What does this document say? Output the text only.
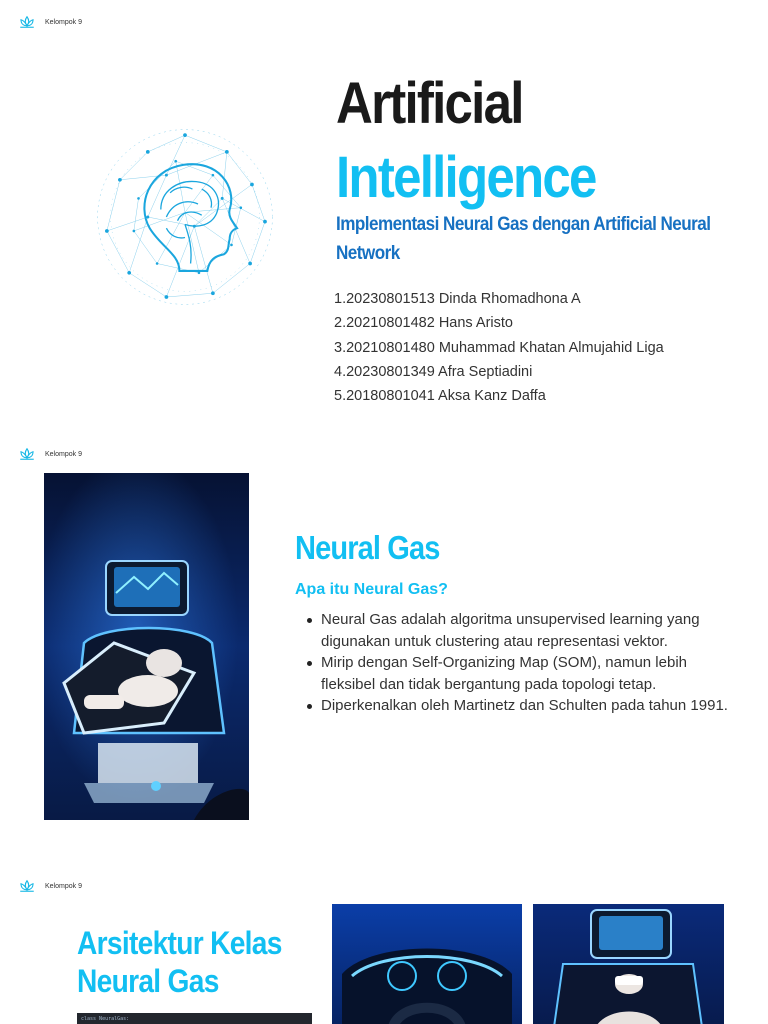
Kelompok 9
Artificial
Intelligence
Implementasi Neural Gas dengan Artificial Neural Network
1.20230801513 Dinda Rhomadhona A
2.20210801482 Hans Aristo
3.20210801480 Muhammad Khatan Almujahid Liga
4.20230801349 Afra Septiadini
5.20180801041 Aksa Kanz Daffa
Kelompok 9
Neural Gas
Apa itu Neural Gas?
Neural Gas adalah algoritma unsupervised learning yang digunakan untuk clustering atau representasi vektor.
Mirip dengan Self-Organizing Map (SOM), namun lebih fleksibel dan tidak bergantung pada topologi tetap.
Diperkenalkan oleh Martinetz dan Schulten pada tahun 1991.
Kelompok 9
Arsitektur Kelas Neural Gas
class NeuralGas:
